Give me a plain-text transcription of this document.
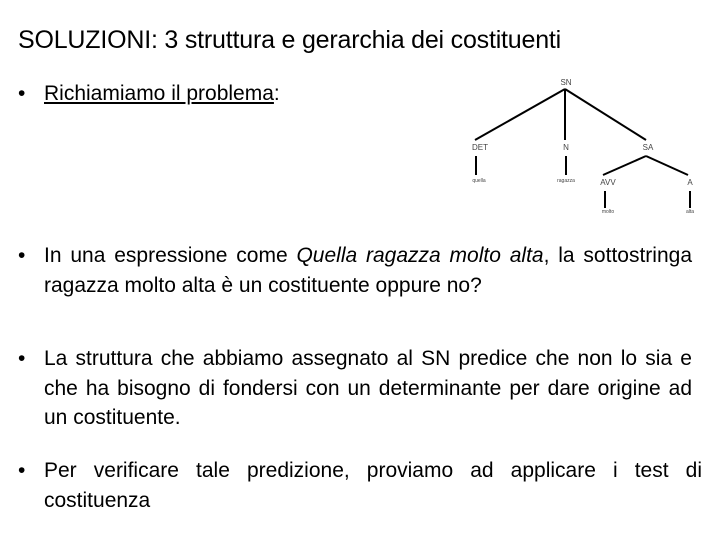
SOLUZIONI: 3 struttura e gerarchia dei costituenti
• Richiamiamo il problema:	SN
DET	N	SA
AVV	A
quella	ragazza
molto	alta
• In una espressione come Quella ragazza molto alta, la sottostringa ragazza molto alta è un costituente oppure no?
• La struttura che abbiamo assegnato al SN predice che non lo sia e che ha bisogno di fondersi con un determinante per dare origine ad un costituente.
• Per verificare tale predizione, proviamo ad applicare i test di costituenza
